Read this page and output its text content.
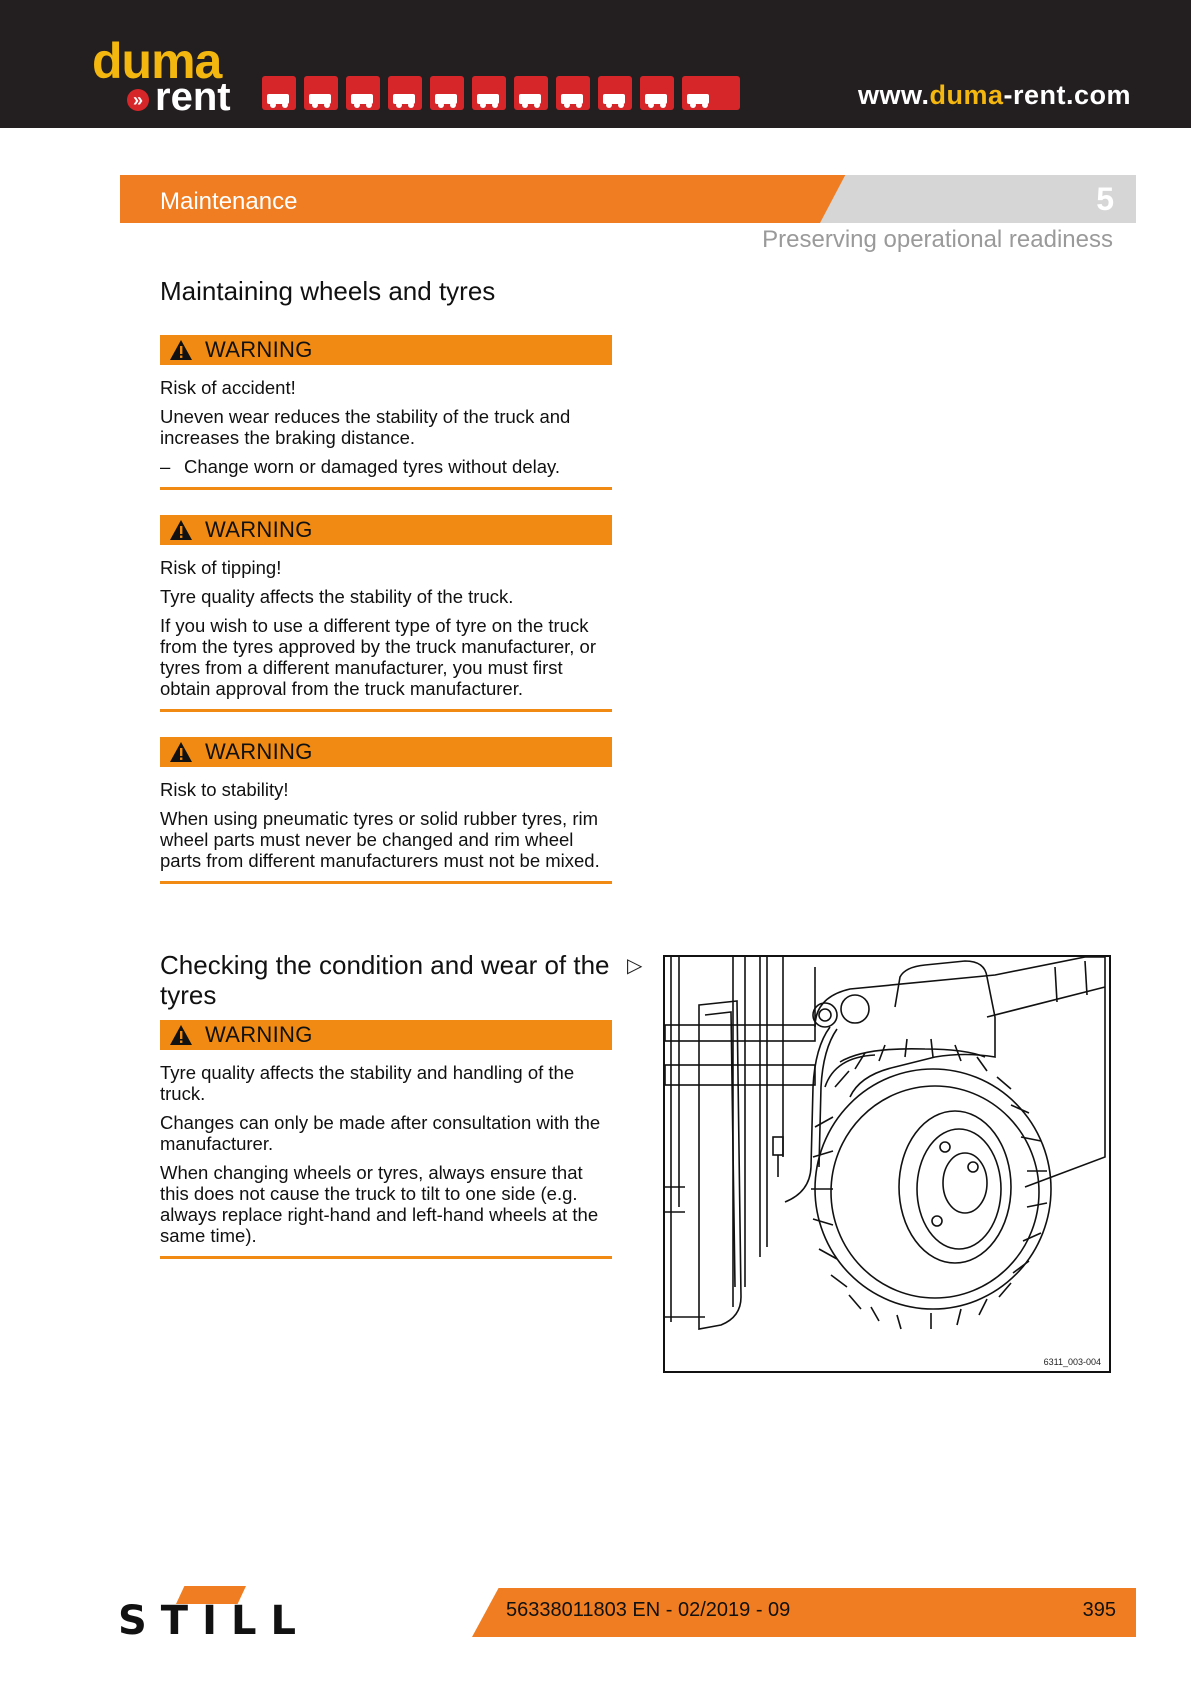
duma
» rent	www.duma-rent.com
Maintenance	5
Preserving operational readiness
Maintaining wheels and tyres
WARNING

Risk of accident!

Uneven wear reduces the stability of the truck and increases the braking distance.

– Change worn or damaged tyres without delay.

WARNING

Risk of tipping!

Tyre quality affects the stability of the truck.

If you wish to use a different type of tyre on the truck from the tyres approved by the truck manufacturer, or tyres from a different manufacturer, you must first obtain approval from the truck manufacturer.

WARNING

Risk to stability!

When using pneumatic tyres or solid rubber tyres, rim wheel parts must never be changed and rim wheel parts from different manufacturers must not be mixed.

Checking the condition and wear of the tyres
▷
WARNING

Tyre quality affects the stability and handling of the truck.

Changes can only be made after consultation with the manufacturer.

When changing wheels or tyres, always ensure that this does not cause the truck to tilt to one side (e.g. always replace right-hand and left-hand wheels at the same time).

6311_003-004
STILL	56338011803 EN - 02/2019 - 09	395
